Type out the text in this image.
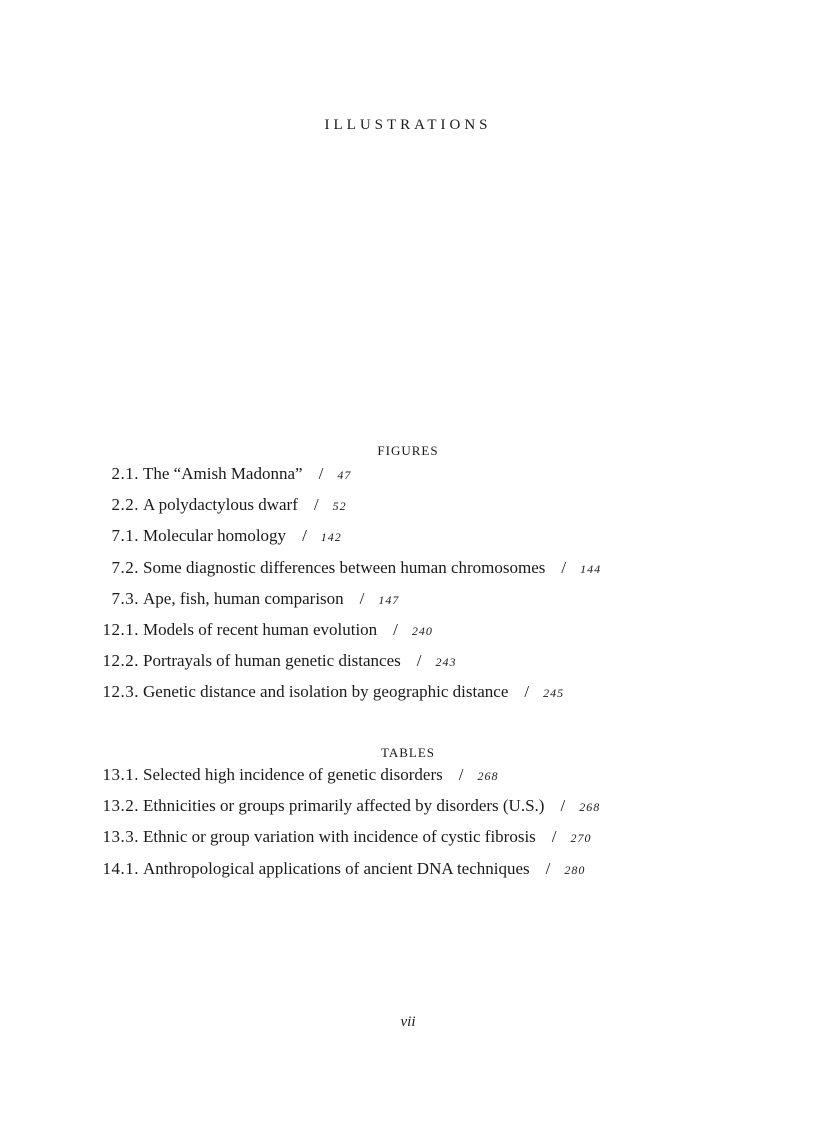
ILLUSTRATIONS
FIGURES
2.1. The “Amish Madonna” / 47
2.2. A polydactylous dwarf / 52
7.1. Molecular homology / 142
7.2. Some diagnostic differences between human chromosomes / 144
7.3. Ape, fish, human comparison / 147
12.1. Models of recent human evolution / 240
12.2. Portrayals of human genetic distances / 243
12.3. Genetic distance and isolation by geographic distance / 245
TABLES
13.1. Selected high incidence of genetic disorders / 268
13.2. Ethnicities or groups primarily affected by disorders (U.S.) / 268
13.3. Ethnic or group variation with incidence of cystic fibrosis / 270
14.1. Anthropological applications of ancient DNA techniques / 280
vii
